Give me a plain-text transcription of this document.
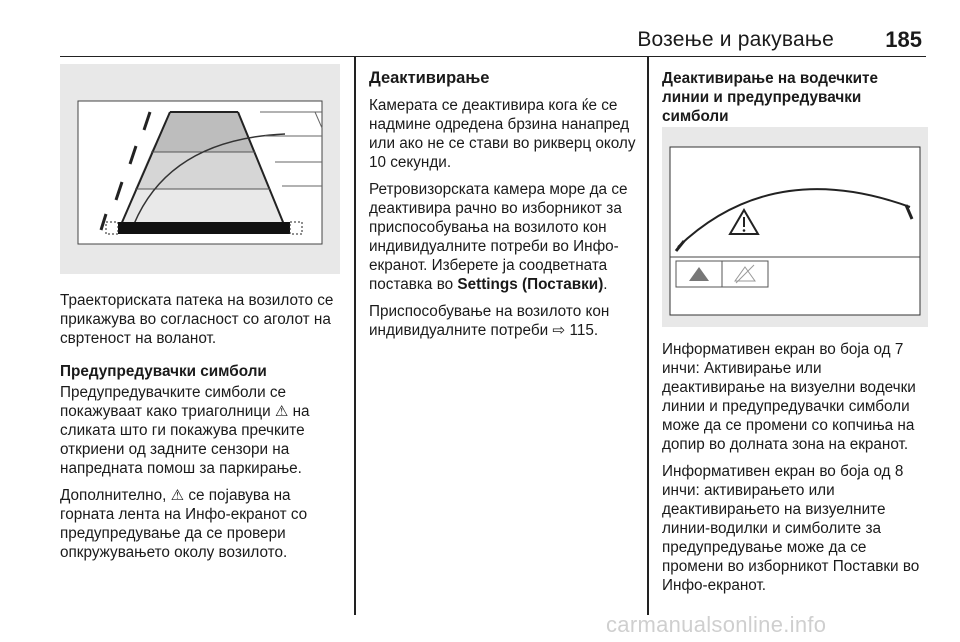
Возење и ракување 185

Траекториската патека на возилото се прикажува во согласност со аголот на свртеност на воланот.

Предупредувачки симболи

Предупредувачките симболи се покажуваат како триаголници ⚠ на сликата што ги покажува пречките откриени од задните сензори на напредната помош за паркирање.

Дополнително, ⚠ се појавува на горната лента на Инфо-екранот со предупредување да се провери опкружувањето околу возилото.

Деактивирање

Камерата се деактивира кога ќе се надмине одредена брзина нанапред или ако не се стави во рикверц околу 10 секунди.

Ретровизорската камера море да се деактивира рачно во изборникот за приспособувања на возилото кон индивидуалните потреби во Инфо-екранот. Изберете ја соодветната поставка во Settings (Поставки).

Приспособување на возилото кон индивидуалните потреби ⇨ 115.

Деактивирање на водечките линии и предупредувачки симболи

Информативен екран во боја од 7 инчи: Активирање или деактивирање на визуелни водечки линии и предупредувачки симболи може да се промени со копчиња на допир во долната зона на екранот.

Информативен екран во боја од 8 инчи: активирањето или деактивирањето на визуелните линии-водилки и симболите за предупредување може да се промени во изборникот Поставки во Инфо-екранот.

carmanualsonline.info
